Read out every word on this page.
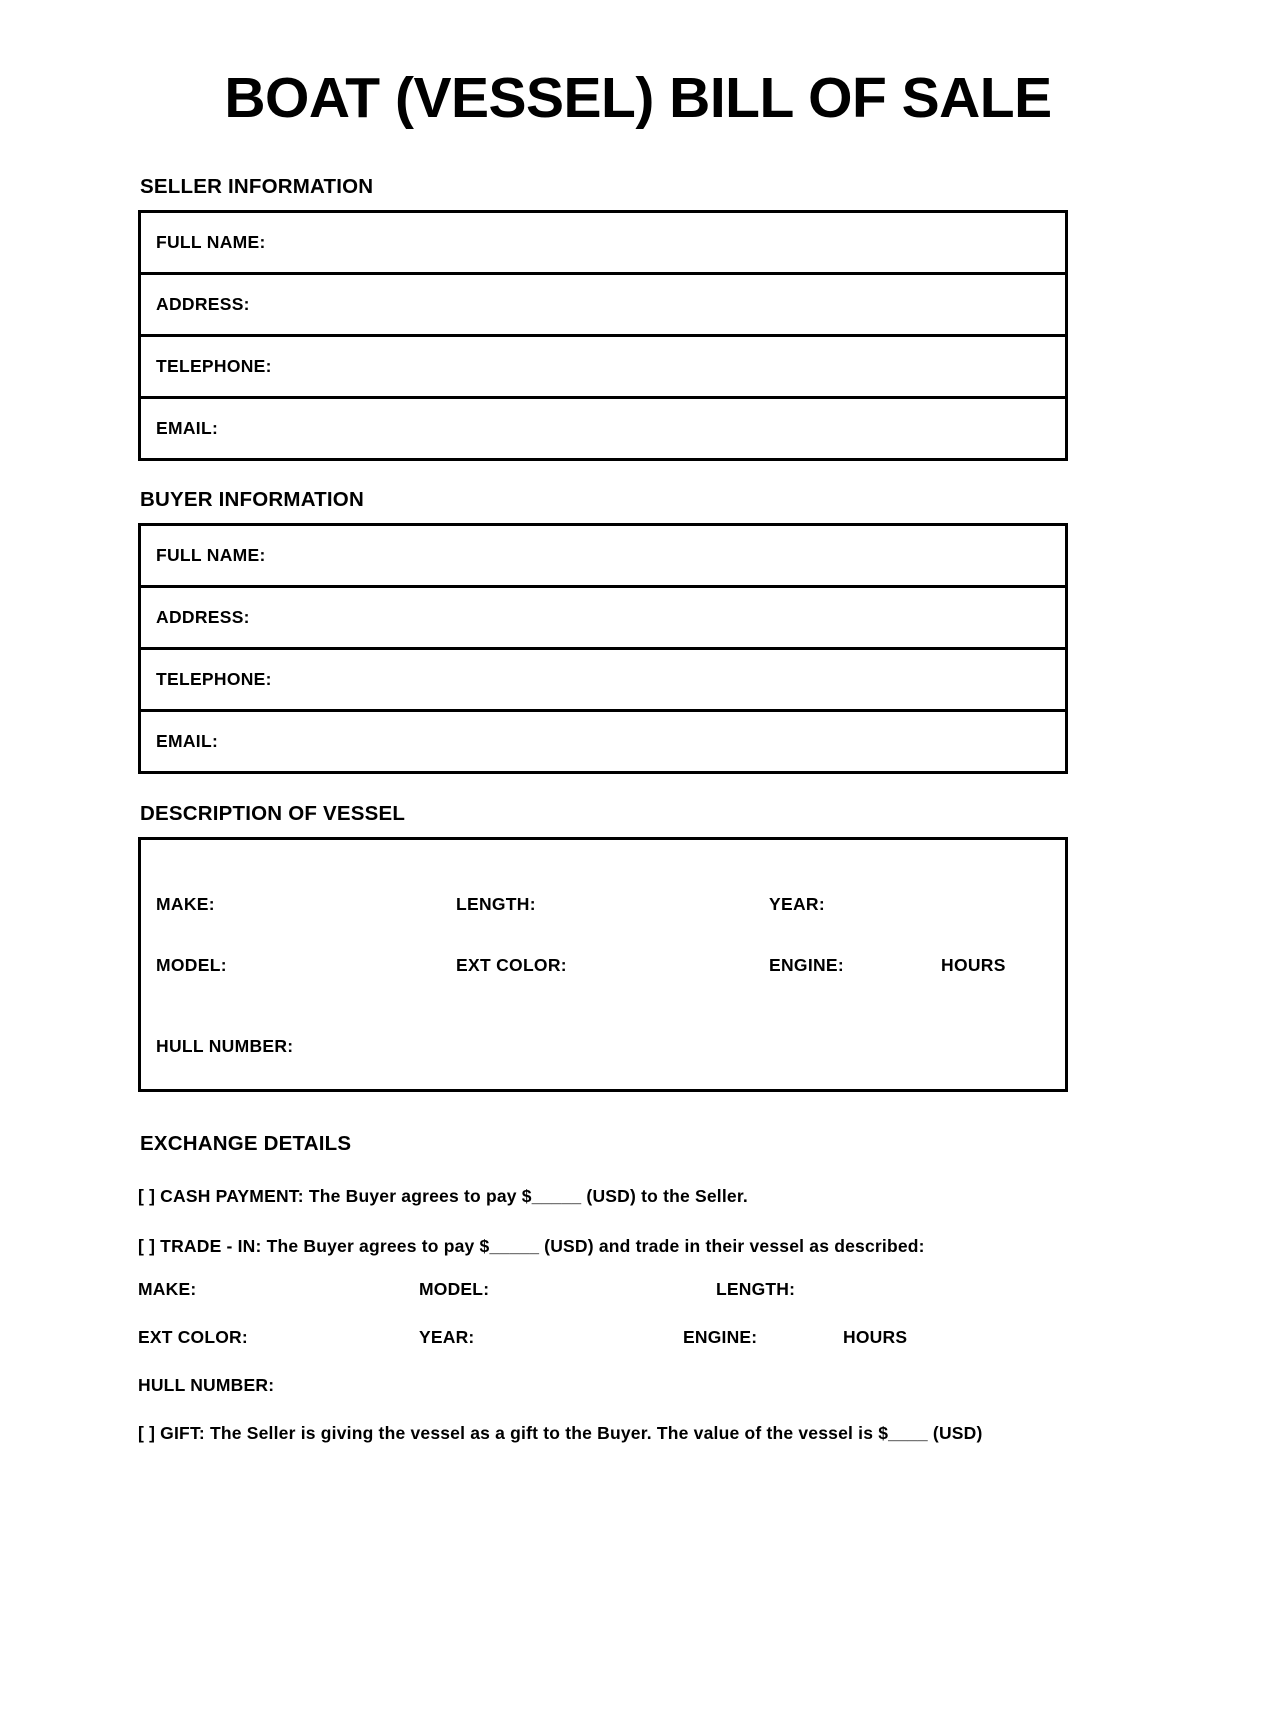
BOAT (VESSEL) BILL OF SALE
SELLER INFORMATION
FULL NAME:
ADDRESS:
TELEPHONE:
EMAIL:
BUYER INFORMATION
FULL NAME:
ADDRESS:
TELEPHONE:
EMAIL:
DESCRIPTION OF VESSEL
MAKE:	LENGTH:	YEAR:
MODEL:	EXT COLOR:	ENGINE:	HOURS
HULL NUMBER:
EXCHANGE DETAILS
[ ] CASH PAYMENT: The Buyer agrees to pay $_____ (USD) to the Seller.
[ ] TRADE - IN: The Buyer agrees to pay $_____ (USD) and trade in their vessel as described:
MAKE:	MODEL:	LENGTH:
EXT COLOR:	YEAR:	ENGINE:	HOURS
HULL NUMBER:
[ ] GIFT: The Seller is giving the vessel as a gift to the Buyer. The value of the vessel is $____ (USD)
